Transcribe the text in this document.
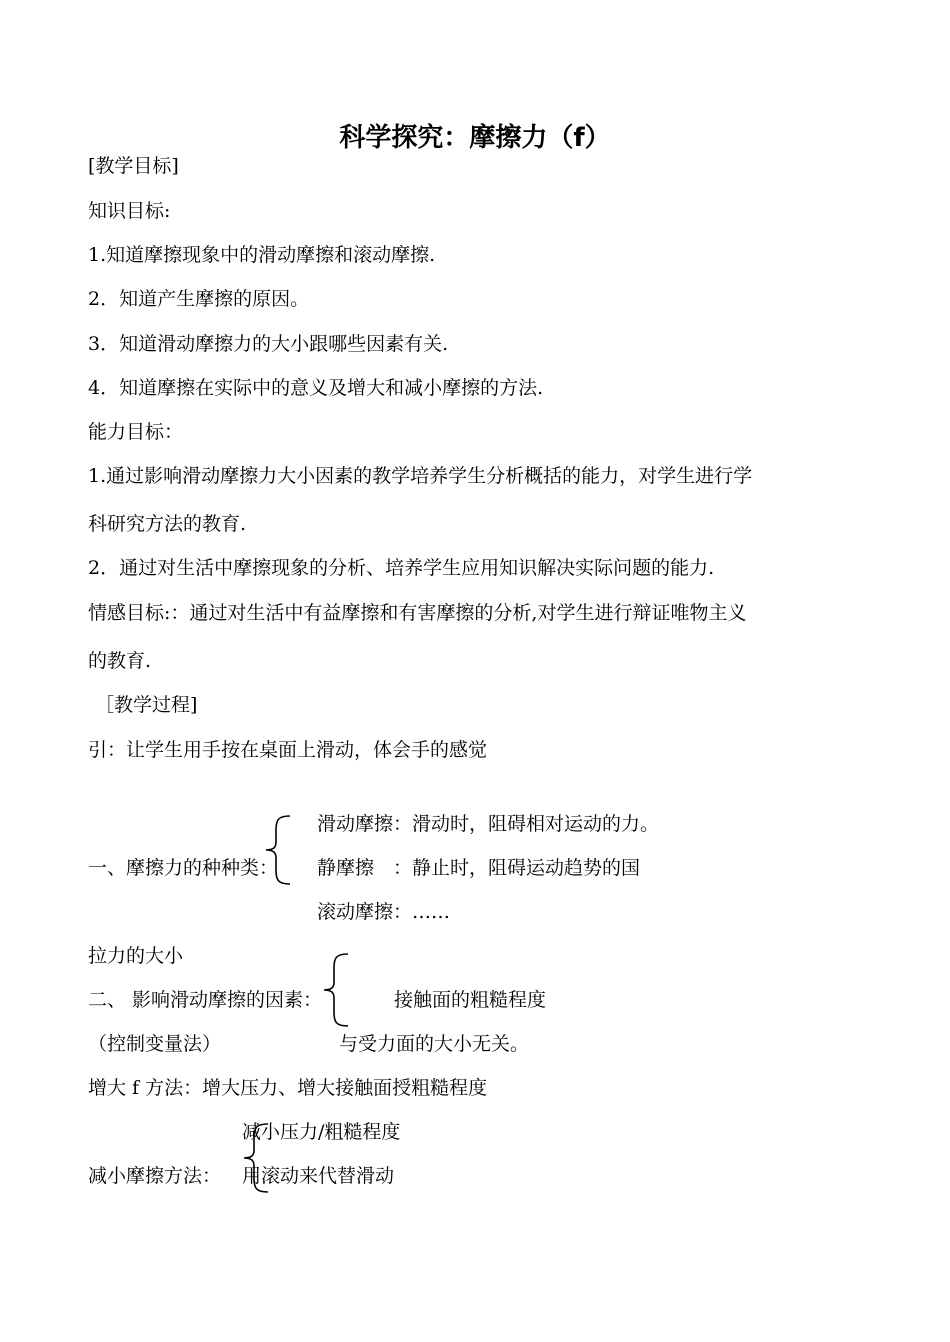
科学探究：摩擦力（f）
[教学目标]
知识目标:
1.知道摩擦现象中的滑动摩擦和滚动摩擦.
2．知道产生摩擦的原因。
3．知道滑动摩擦力的大小跟哪些因素有关.
4．知道摩擦在实际中的意义及增大和减小摩擦的方法.
能力目标：
1.通过影响滑动摩擦力大小因素的教学培养学生分析概括的能力，对学生进行学
科研究方法的教育.
2．通过对生活中摩擦现象的分析、培养学生应用知识解决实际问题的能力.
情感目标:：通过对生活中有益摩擦和有害摩擦的分析,对学生进行辩证唯物主义
的教育.
［教学过程]
引：让学生用手按在桌面上滑动，体会手的感觉
一、摩擦力的种种类：
滑动摩擦：滑动时，阻碍相对运动的力。
静摩擦　：静止时，阻碍运动趋势的国
滚动摩擦：……
拉力的大小
二、 影响滑动摩擦的因素：	接触面的粗糙程度
（控制变量法）	与受力面的大小无关。
增大 f 方法：增大压力、增大接触面授粗糙程度
减小压力/粗糙程度
减小摩擦方法： 用滚动来代替滑动
